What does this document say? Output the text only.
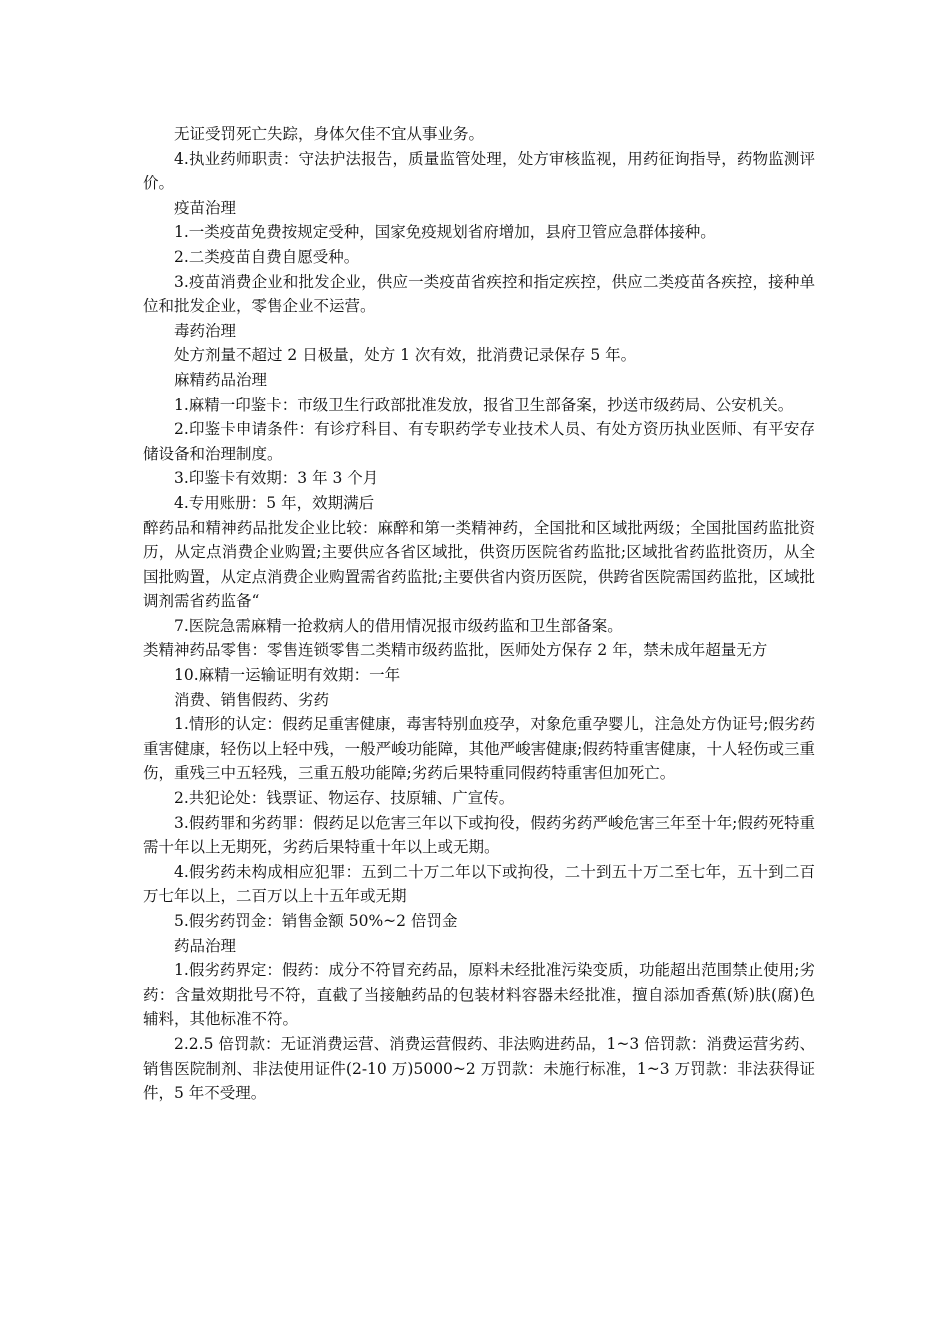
无证受罚死亡失踪，身体欠佳不宜从事业务。

4.执业药师职责：守法护法报告，质量监管处理，处方审核监视，用药征询指导，药物监测评价。

疫苗治理

1.一类疫苗免费按规定受种，国家免疫规划省府增加，县府卫管应急群体接种。

2.二类疫苗自费自愿受种。

3.疫苗消费企业和批发企业，供应一类疫苗省疾控和指定疾控，供应二类疫苗各疾控，接种单位和批发企业，零售企业不运营。

毒药治理

处方剂量不超过 2 日极量，处方 1 次有效，批消费记录保存 5 年。

麻精药品治理

1.麻精一印鉴卡：市级卫生行政部批准发放，报省卫生部备案，抄送市级药局、公安机关。

2.印鉴卡申请条件：有诊疗科目、有专职药学专业技术人员、有处方资历执业医师、有平安存储设备和治理制度。

3.印鉴卡有效期：3 年 3 个月

4.专用账册：5 年，效期满后

醉药品和精神药品批发企业比较：麻醉和第一类精神药，全国批和区域批两级；全国批国药监批资历，从定点消费企业购置;主要供应各省区域批，供资历医院省药监批;区域批省药监批资历，从全国批购置，从定点消费企业购置需省药监批;主要供省内资历医院，供跨省医院需国药监批，区域批调剂需省药监备“

7.医院急需麻精一抢救病人的借用情况报市级药监和卫生部备案。

类精神药品零售：零售连锁零售二类精市级药监批，医师处方保存 2 年，禁未成年超量无方

10.麻精一运输证明有效期：一年

消费、销售假药、劣药

1.情形的认定：假药足重害健康，毒害特别血疫孕，对象危重孕婴儿，注急处方伪证号;假劣药重害健康，轻伤以上轻中残，一般严峻功能障，其他严峻害健康;假药特重害健康，十人轻伤或三重伤，重残三中五轻残，三重五般功能障;劣药后果特重同假药特重害但加死亡。

2.共犯论处：钱票证、物运存、技原辅、广宣传。

3.假药罪和劣药罪：假药足以危害三年以下或拘役，假药劣药严峻危害三年至十年;假药死特重需十年以上无期死，劣药后果特重十年以上或无期。

4.假劣药未构成相应犯罪：五到二十万二年以下或拘役，二十到五十万二至七年，五十到二百万七年以上，二百万以上十五年或无期

5.假劣药罚金：销售金额 50%~2 倍罚金

药品治理

1.假劣药界定：假药：成分不符冒充药品，原料未经批准污染变质，功能超出范围禁止使用;劣药：含量效期批号不符，直截了当接触药品的包装材料容器未经批准，擅自添加香蕉(矫)肤(腐)色辅料，其他标准不符。

2.2.5 倍罚款：无证消费运营、消费运营假药、非法购进药品，1~3 倍罚款：消费运营劣药、销售医院制剂、非法使用证件(2-10 万)5000~2 万罚款：未施行标准，1~3 万罚款：非法获得证件，5 年不受理。
